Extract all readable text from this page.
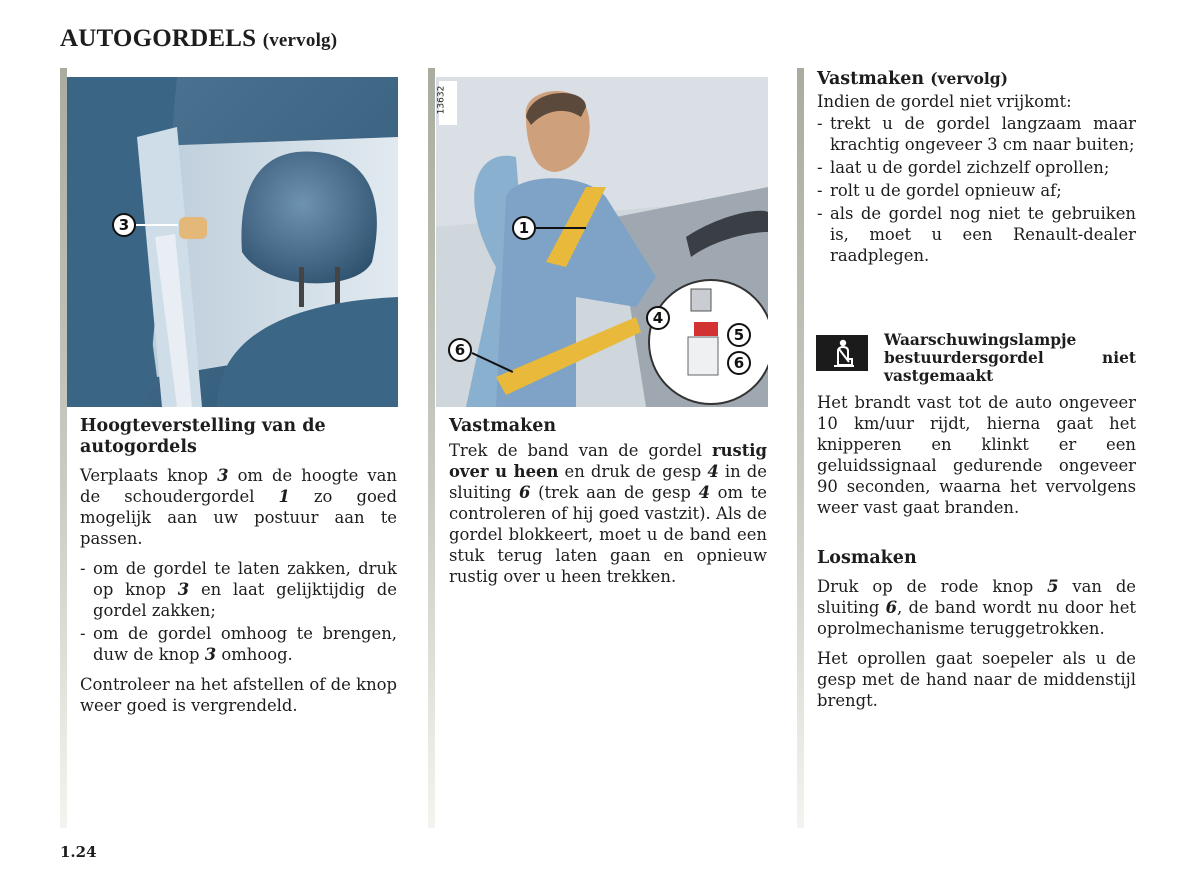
AUTOGORDELS (vervolg)
3	1
4
5
6
6
13632
Hoogteverstelling van de autogordels

Verplaats knop 3 om de hoogte van de schoudergordel 1 zo goed mogelijk aan uw postuur aan te passen.

- om de gordel te laten zakken, druk op knop 3 en laat gelijktijdig de gordel zakken;
- om de gordel omhoog te brengen, duw de knop 3 omhoog.

Controleer na het afstellen of de knop weer goed is vergrendeld.

Vastmaken

Trek de band van de gordel rustig over u heen en druk de gesp 4 in de sluiting 6 (trek aan de gesp 4 om te controleren of hij goed vastzit). Als de gordel blokkeert, moet u de band een stuk terug laten gaan en opnieuw rustig over u heen trekken.

Vastmaken (vervolg)

Indien de gordel niet vrijkomt:

- trekt u de gordel langzaam maar krachtig ongeveer 3 cm naar buiten;
- laat u de gordel zichzelf oprollen;
- rolt u de gordel opnieuw af;
- als de gordel nog niet te gebruiken is, moet u een Renault-dealer raadplegen.
Waarschuwingslampje bestuurdersgordel niet vastgemaakt

Het brandt vast tot de auto ongeveer 10 km/uur rijdt, hierna gaat het knipperen en klinkt er een geluidssignaal gedurende ongeveer 90 seconden, waarna het vervolgens weer vast gaat branden.

Losmaken

Druk op de rode knop 5 van de sluiting 6, de band wordt nu door het oprolmechanisme teruggetrokken.

Het oprollen gaat soepeler als u de gesp met de hand naar de middenstijl brengt.

1.24
